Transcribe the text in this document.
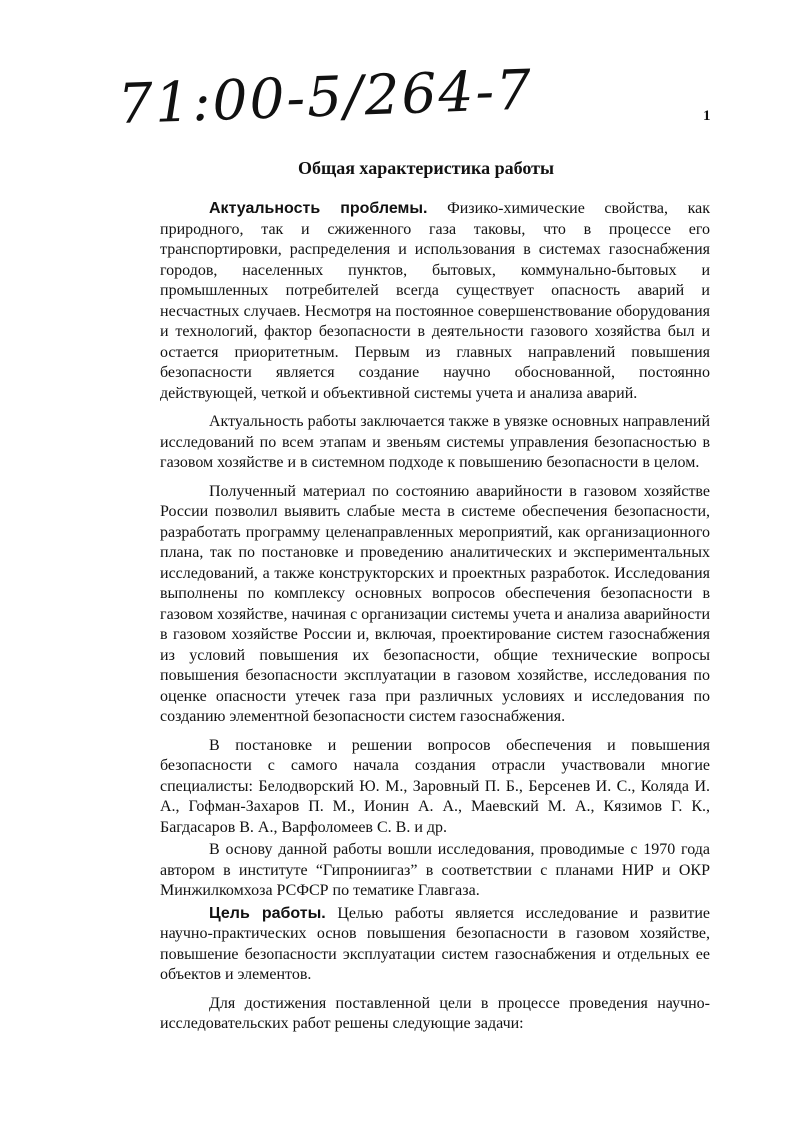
71:00-5/264-7	1
Общая характеристика работы

Актуальность проблемы. Физико-химические свойства, как природного, так и сжиженного газа таковы, что в процессе его транспортировки, распределения и использования в системах газоснабжения городов, населенных пунктов, бытовых, коммунально-бытовых и промышленных потребителей всегда существует опасность аварий и несчастных случаев. Несмотря на постоянное совершенствование оборудования и технологий, фактор безопасности в деятельности газового хозяйства был и остается приоритетным. Первым из главных направлений повышения безопасности является создание научно обоснованной, постоянно действующей, четкой и объективной системы учета и анализа аварий.

Актуальность работы заключается также в увязке основных направлений исследований по всем этапам и звеньям системы управления безопасностью в газовом хозяйстве и в системном подходе к повышению безопасности в целом.

Полученный материал по состоянию аварийности в газовом хозяйстве России позволил выявить слабые места в системе обеспечения безопасности, разработать программу целенаправленных мероприятий, как организационного плана, так по постановке и проведению аналитических и экспериментальных исследований, а также конструкторских и проектных разработок. Исследования выполнены по комплексу основных вопросов обеспечения безопасности в газовом хозяйстве, начиная с организации системы учета и анализа аварийности в газовом хозяйстве России и, включая, проектирование систем газоснабжения из условий повышения их безопасности, общие технические вопросы повышения безопасности эксплуатации в газовом хозяйстве, исследования по оценке опасности утечек газа при различных условиях и исследования по созданию элементной безопасности систем газоснабжения.

В постановке и решении вопросов обеспечения и повышения безопасности с самого начала создания отрасли участвовали многие специалисты: Белодворский Ю. М., Заровный П. Б., Берсенев И. С., Коляда И. А., Гофман-Захаров П. М., Ионин А. А., Маевский М. А., Кязимов Г. К., Багдасаров В. А., Варфоломеев С. В. и др.

В основу данной работы вошли исследования, проводимые с 1970 года автором в институте “Гипрониигаз” в соответствии с планами НИР и ОКР Минжилкомхоза РСФСР по тематике Главгаза.

Цель работы. Целью работы является исследование и развитие научно-практических основ повышения безопасности в газовом хозяйстве, повышение безопасности эксплуатации систем газоснабжения и отдельных ее объектов и элементов.

Для достижения поставленной цели в процессе проведения научно-исследовательских работ решены следующие задачи:
